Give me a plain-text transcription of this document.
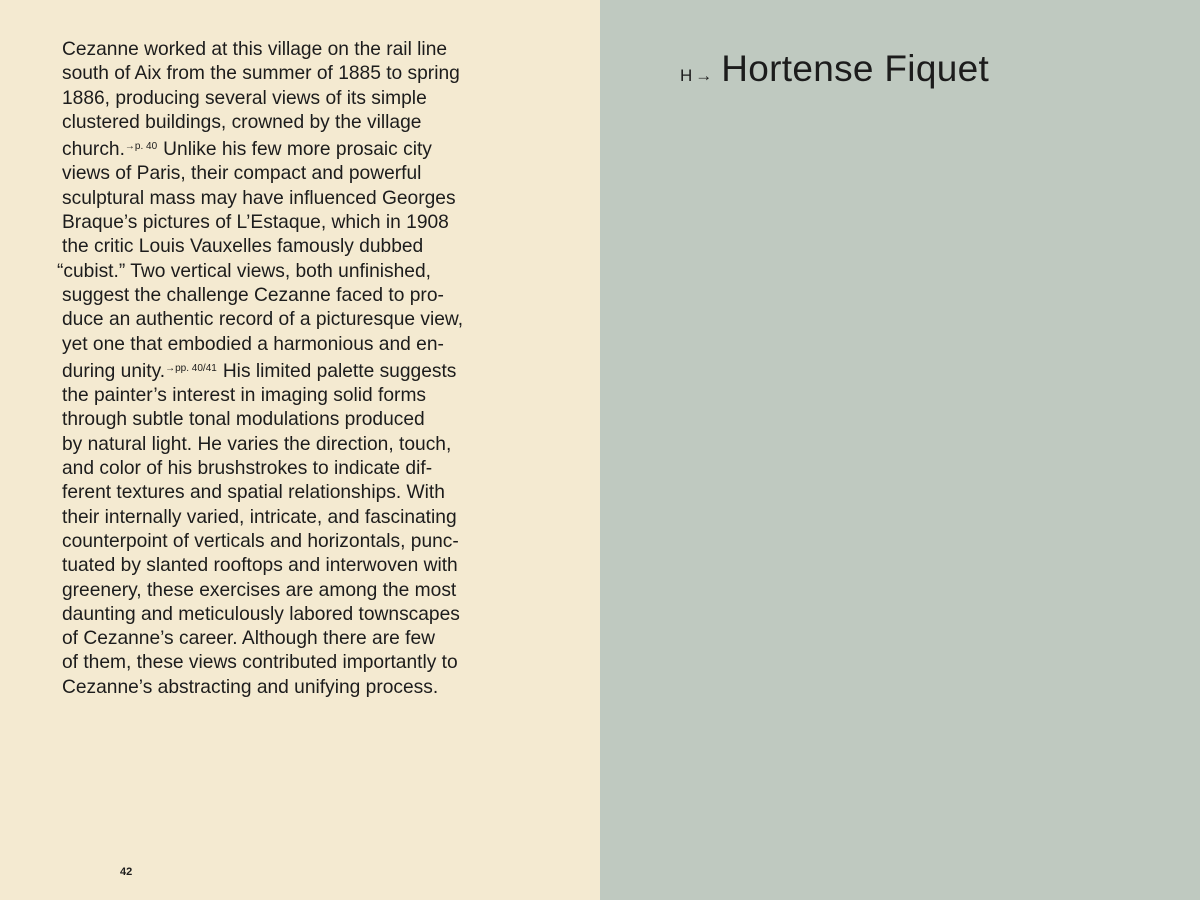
Cezanne worked at this village on the rail line
south of Aix from the summer of 1885 to spring
1886, producing several views of its simple
clustered buildings, crowned by the village
church.$^{\to p. 40}$ Unlike his few more prosaic city
views of Paris, their compact and powerful
sculptural mass may have influenced Georges
Braque’s pictures of L’Estaque, which in 1908
the critic Louis Vauxelles famously dubbed
“cubist.” Two vertical views, both unfinished,
suggest the challenge Cezanne faced to pro-
duce an authentic record of a picturesque view,
yet one that embodied a harmonious and en-
during unity.$^{\to pp. 40/41}$ His limited palette suggests
the painter’s interest in imaging solid forms
through subtle tonal modulations produced
by natural light. He varies the direction, touch,
and color of his brushstrokes to indicate dif-
ferent textures and spatial relationships. With
their internally varied, intricate, and fascinating
counterpoint of verticals and horizontals, punc-
tuated by slanted rooftops and interwoven with
greenery, these exercises are among the most
daunting and meticulously labored townscapes
of Cezanne’s career. Although there are few
of them, these views contributed importantly to
Cezanne’s abstracting and unifying process.

42
H → Hortense Fiquet
